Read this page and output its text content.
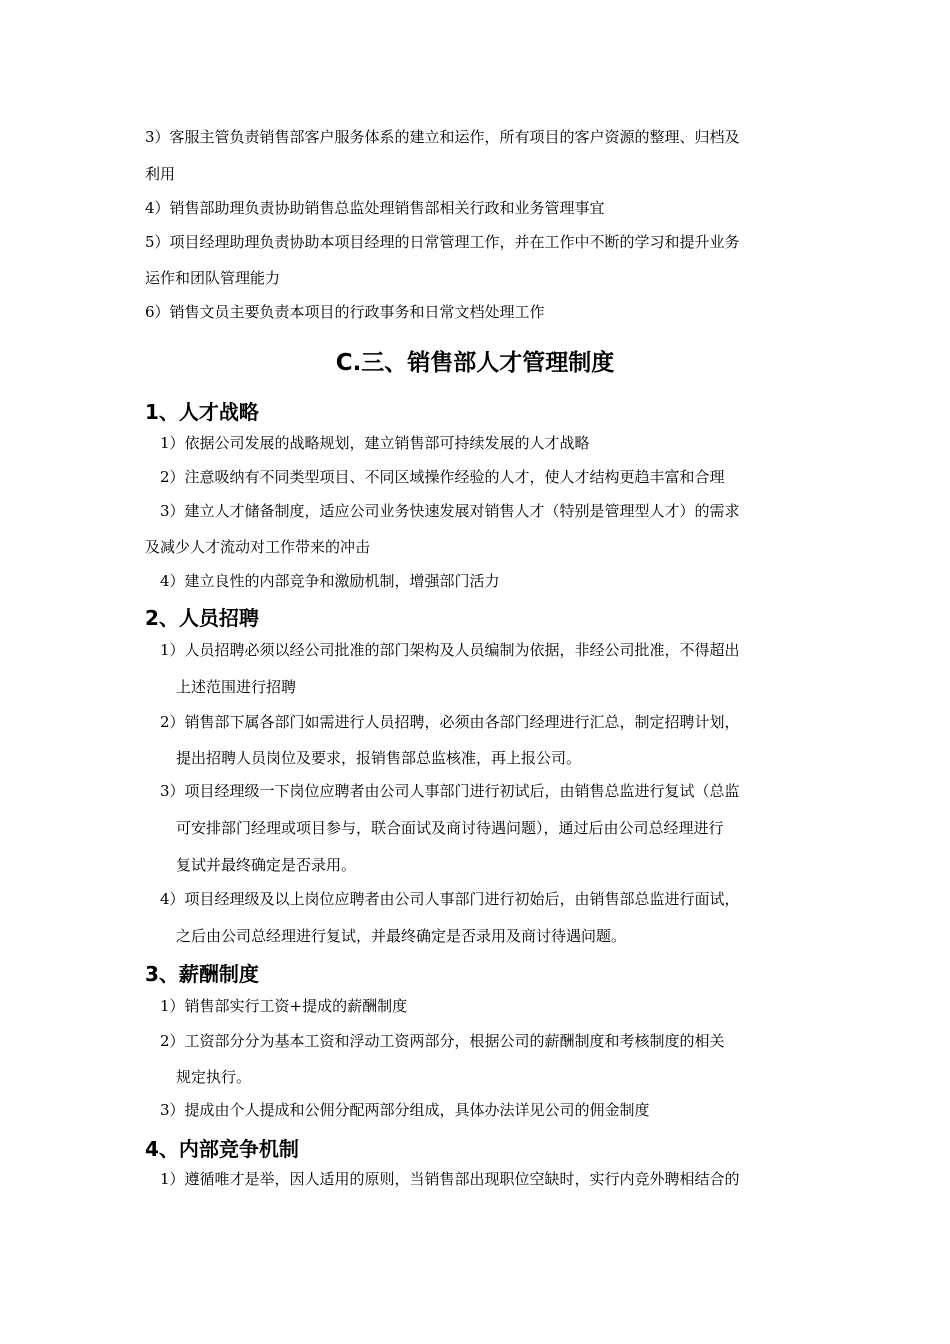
3）客服主管负责销售部客户服务体系的建立和运作，所有项目的客户资源的整理、归档及
利用
4）销售部助理负责协助销售总监处理销售部相关行政和业务管理事宜
5）项目经理助理负责协助本项目经理的日常管理工作，并在工作中不断的学习和提升业务
运作和团队管理能力
6）销售文员主要负责本项目的行政事务和日常文档处理工作
C.三、销售部人才管理制度
1、人才战略
1）依据公司发展的战略规划，建立销售部可持续发展的人才战略
2）注意吸纳有不同类型项目、不同区域操作经验的人才，使人才结构更趋丰富和合理
3）建立人才储备制度，适应公司业务快速发展对销售人才（特别是管理型人才）的需求
及减少人才流动对工作带来的冲击
4）建立良性的内部竞争和激励机制，增强部门活力
2、人员招聘
1）人员招聘必须以经公司批准的部门架构及人员编制为依据，非经公司批准，不得超出
上述范围进行招聘
2）销售部下属各部门如需进行人员招聘，必须由各部门经理进行汇总，制定招聘计划，
提出招聘人员岗位及要求，报销售部总监核准，再上报公司。
3）项目经理级一下岗位应聘者由公司人事部门进行初试后，由销售总监进行复试（总监
可安排部门经理或项目参与，联合面试及商讨待遇问题），通过后由公司总经理进行
复试并最终确定是否录用。
4）项目经理级及以上岗位应聘者由公司人事部门进行初始后，由销售部总监进行面试，
之后由公司总经理进行复试，并最终确定是否录用及商讨待遇问题。
3、薪酬制度
1）销售部实行工资+提成的薪酬制度
2）工资部分分为基本工资和浮动工资两部分，根据公司的薪酬制度和考核制度的相关
规定执行。
3）提成由个人提成和公佣分配两部分组成，具体办法详见公司的佣金制度
4、内部竞争机制
1）遵循唯才是举，因人适用的原则，当销售部出现职位空缺时，实行内竞外聘相结合的
